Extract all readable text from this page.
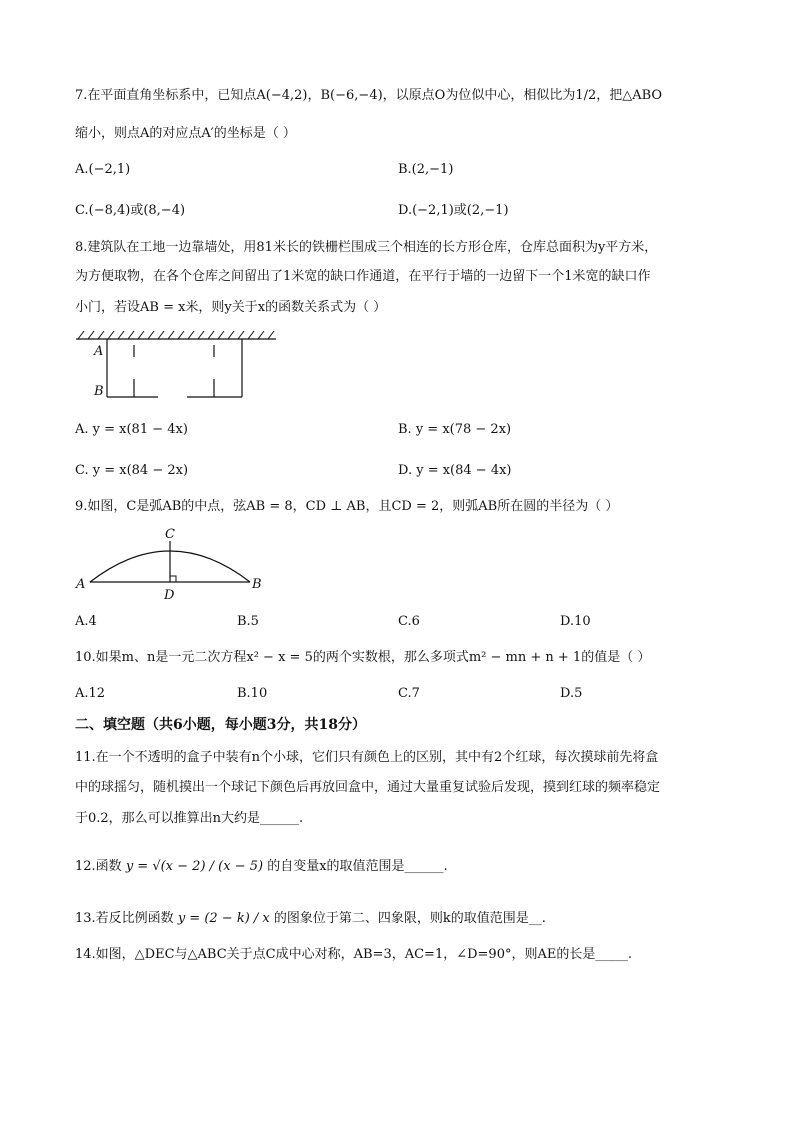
7.在平面直角坐标系中，已知点A(−4,2)，B(−6,−4)，以原点O为位似中心，相似比为1/2，把△ABO
缩小，则点A的对应点A′的坐标是（ ）
A.(−2,1)	B.(2,−1)
C.(−8,4)或(8,−4)	D.(−2,1)或(2,−1)
8.建筑队在工地一边靠墙处，用81米长的铁栅栏围成三个相连的长方形仓库，仓库总面积为y平方米，
为方便取物，在各个仓库之间留出了1米宽的缺口作通道，在平行于墙的一边留下一个1米宽的缺口作
小门，若设AB = x米，则y关于x的函数关系式为（ ）
A
B
A. y = x(81 − 4x)	B. y = x(78 − 2x)
C. y = x(84 − 2x)	D. y = x(84 − 4x)
9.如图，C是弧AB的中点，弦AB = 8，CD ⊥ AB，且CD = 2，则弧AB所在圆的半径为（ ）
C
A
D
B
A.4	B.5	C.6	D.10
10.如果m、n是一元二次方程x² − x = 5的两个实数根，那么多项式m² − mn + n + 1的值是（ ）
A.12	B.10	C.7	D.5
二、填空题（共6小题，每小题3分，共18分）
11.在一个不透明的盒子中装有n个小球，它们只有颜色上的区别，其中有2个红球，每次摸球前先将盒
中的球摇匀，随机摸出一个球记下颜色后再放回盒中，通过大量重复试验后发现，摸到红球的频率稳定
于0.2，那么可以推算出n大约是______.
12.函数 y = √(x − 2) / (x − 5) 的自变量x的取值范围是______.
13.若反比例函数 y = (2 − k) / x 的图象位于第二、四象限，则k的取值范围是__.
14.如图，△DEC与△ABC关于点C成中心对称，AB=3，AC=1，∠D=90°，则AE的长是_____.
